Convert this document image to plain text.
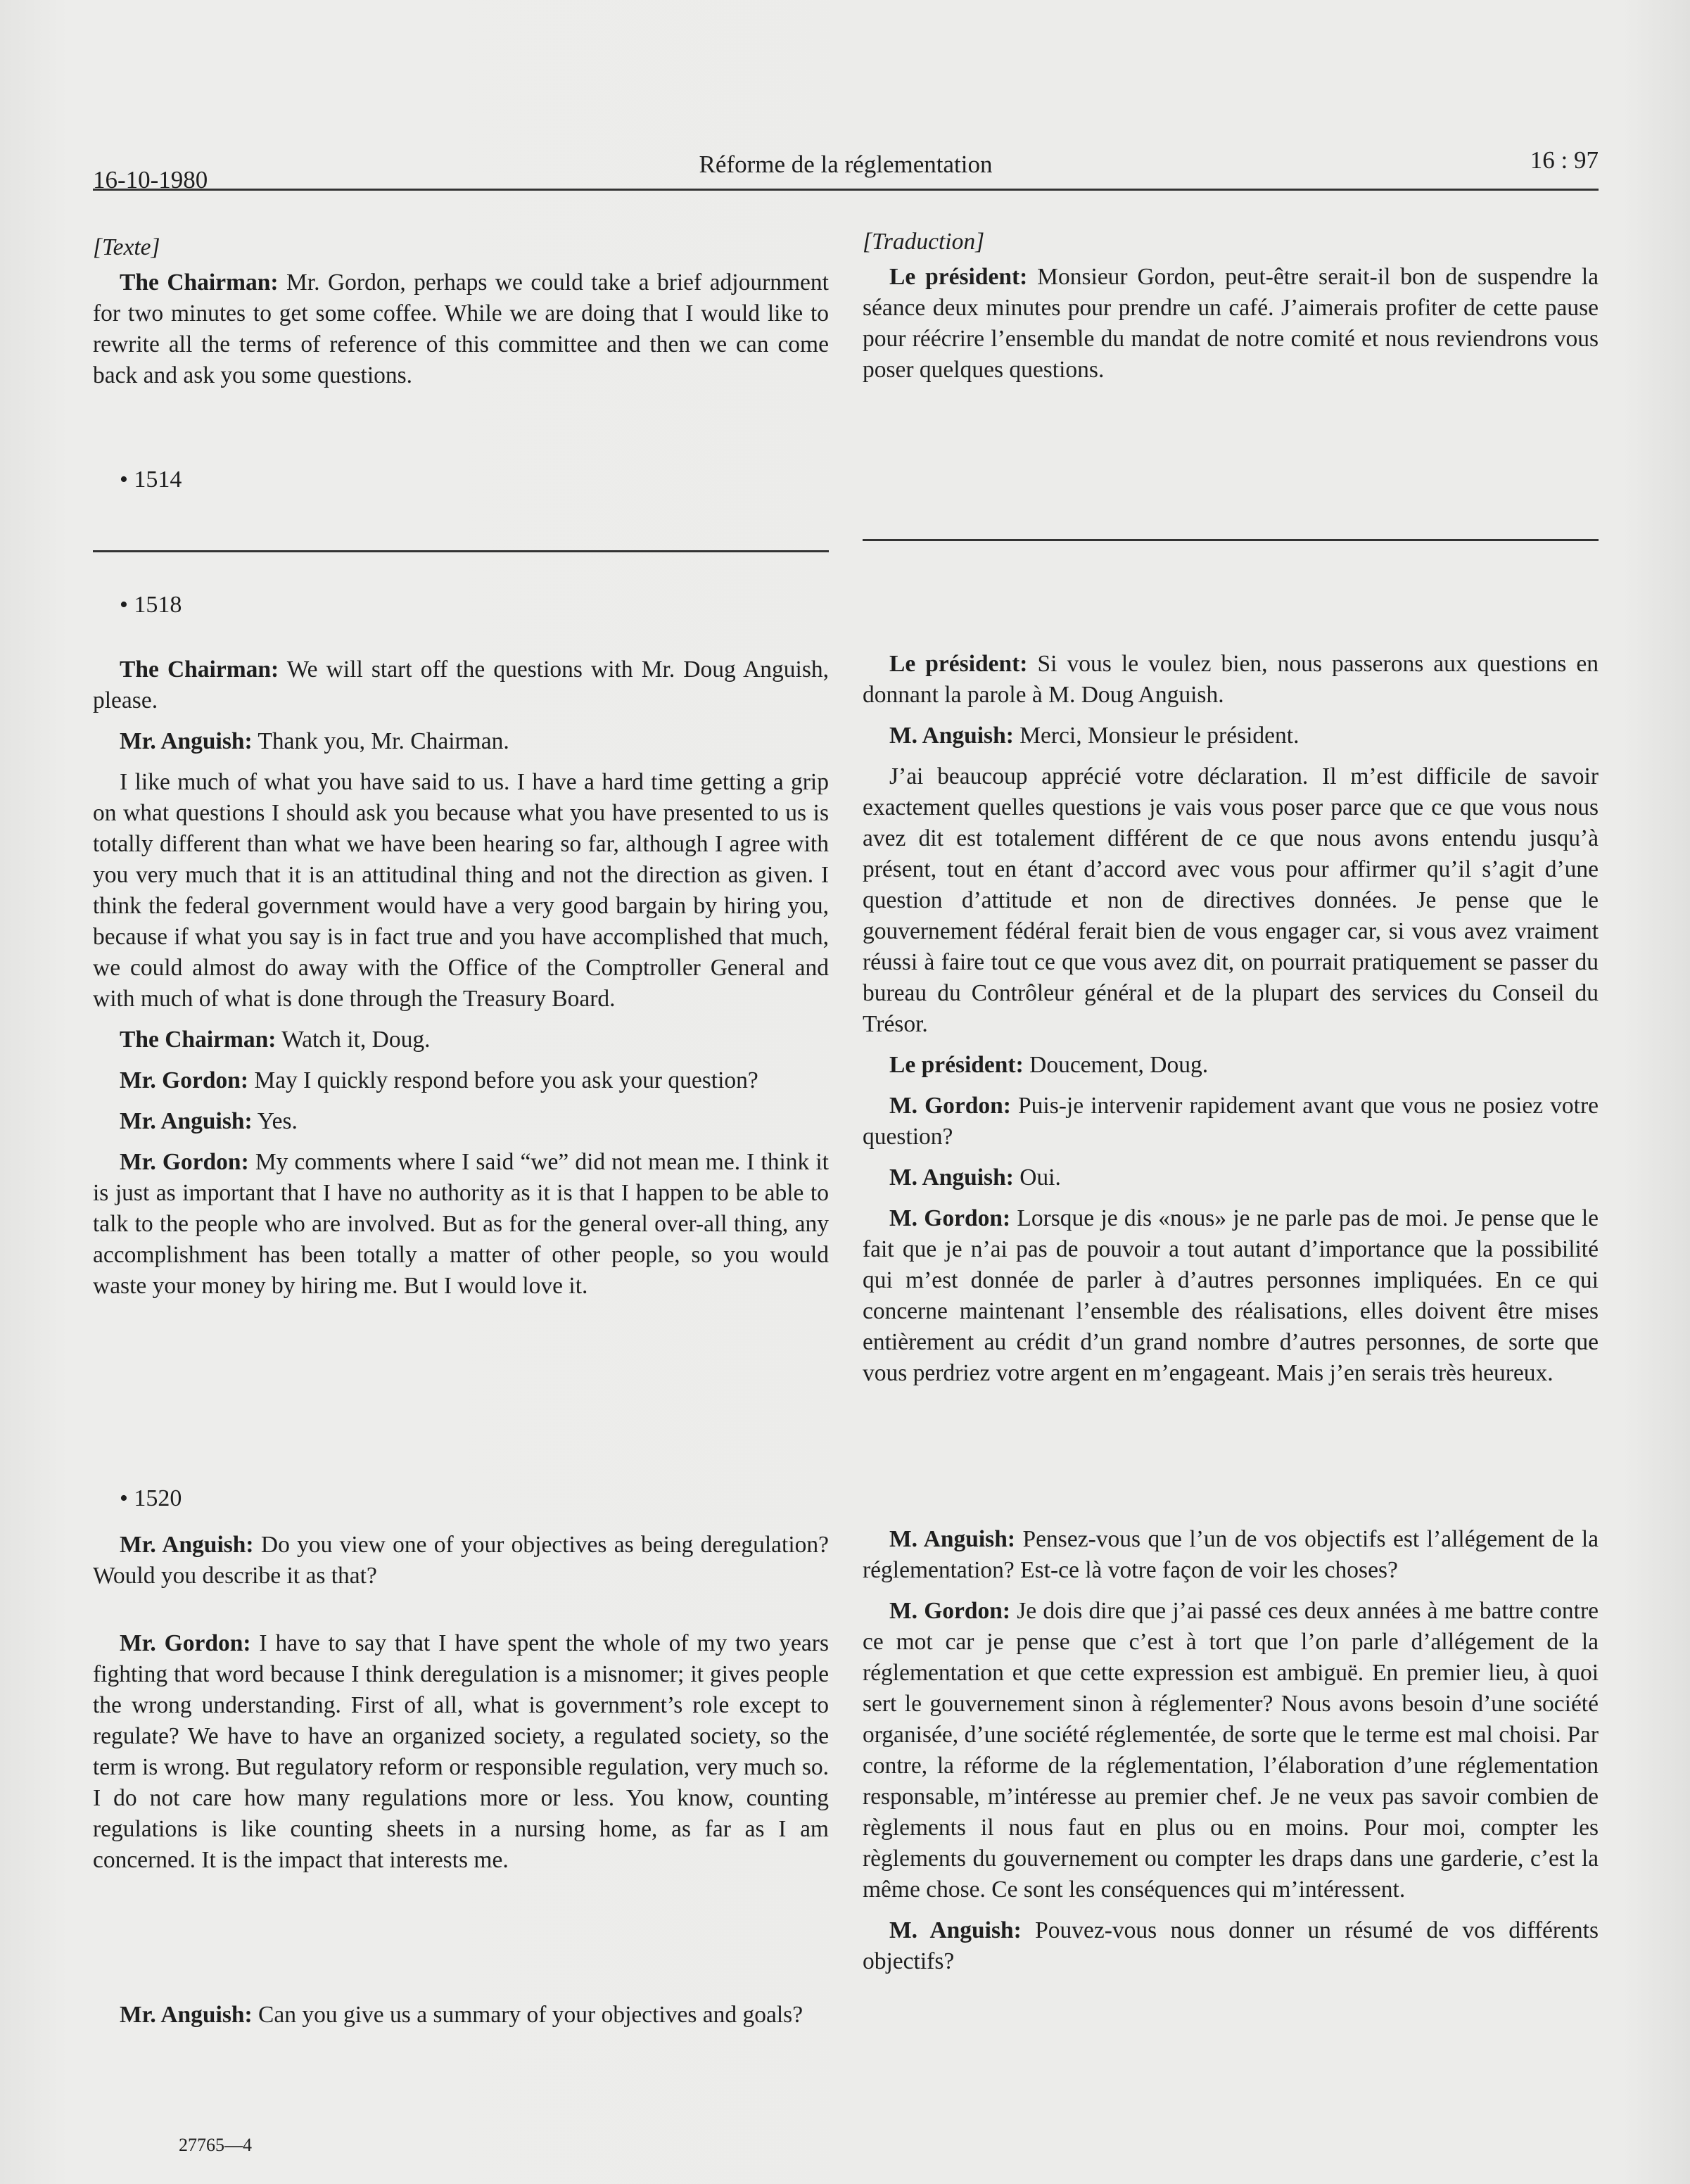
16-10-1980
Réforme de la réglementation	16 : 97

[Texte]

The Chairman: Mr. Gordon, perhaps we could take a brief adjournment for two minutes to get some coffee. While we are doing that I would like to rewrite all the terms of reference of this committee and then we can come back and ask you some questions.

• 1514

• 1518

The Chairman: We will start off the questions with Mr. Doug Anguish, please.

Mr. Anguish: Thank you, Mr. Chairman.

I like much of what you have said to us. I have a hard time getting a grip on what questions I should ask you because what you have presented to us is totally different than what we have been hearing so far, although I agree with you very much that it is an attitudinal thing and not the direction as given. I think the federal government would have a very good bargain by hiring you, because if what you say is in fact true and you have accomplished that much, we could almost do away with the Office of the Comptroller General and with much of what is done through the Treasury Board.

The Chairman: Watch it, Doug.

Mr. Gordon: May I quickly respond before you ask your question?

Mr. Anguish: Yes.

Mr. Gordon: My comments where I said “we” did not mean me. I think it is just as important that I have no authority as it is that I happen to be able to talk to the people who are involved. But as for the general over-all thing, any accomplishment has been totally a matter of other people, so you would waste your money by hiring me. But I would love it.

• 1520

Mr. Anguish: Do you view one of your objectives as being deregulation? Would you describe it as that?

Mr. Gordon: I have to say that I have spent the whole of my two years fighting that word because I think deregulation is a misnomer; it gives people the wrong understanding. First of all, what is government’s role except to regulate? We have to have an organized society, a regulated society, so the term is wrong. But regulatory reform or responsible regulation, very much so. I do not care how many regulations more or less. You know, counting regulations is like counting sheets in a nursing home, as far as I am concerned. It is the impact that interests me.

Mr. Anguish: Can you give us a summary of your objectives and goals?

[Traduction]

Le président: Monsieur Gordon, peut-être serait-il bon de suspendre la séance deux minutes pour prendre un café. J’aimerais profiter de cette pause pour réécrire l’ensemble du mandat de notre comité et nous reviendrons vous poser quelques questions.

Le président: Si vous le voulez bien, nous passerons aux questions en donnant la parole à M. Doug Anguish.

M. Anguish: Merci, Monsieur le président.

J’ai beaucoup apprécié votre déclaration. Il m’est difficile de savoir exactement quelles questions je vais vous poser parce que ce que vous nous avez dit est totalement différent de ce que nous avons entendu jusqu’à présent, tout en étant d’accord avec vous pour affirmer qu’il s’agit d’une question d’attitude et non de directives données. Je pense que le gouvernement fédéral ferait bien de vous engager car, si vous avez vraiment réussi à faire tout ce que vous avez dit, on pourrait pratiquement se passer du bureau du Contrôleur général et de la plupart des services du Conseil du Trésor.

Le président: Doucement, Doug.

M. Gordon: Puis-je intervenir rapidement avant que vous ne posiez votre question?

M. Anguish: Oui.

M. Gordon: Lorsque je dis «nous» je ne parle pas de moi. Je pense que le fait que je n’ai pas de pouvoir a tout autant d’importance que la possibilité qui m’est donnée de parler à d’autres personnes impliquées. En ce qui concerne maintenant l’ensemble des réalisations, elles doivent être mises entièrement au crédit d’un grand nombre d’autres personnes, de sorte que vous perdriez votre argent en m’engageant. Mais j’en serais très heureux.

M. Anguish: Pensez-vous que l’un de vos objectifs est l’allégement de la réglementation? Est-ce là votre façon de voir les choses?

M. Gordon: Je dois dire que j’ai passé ces deux années à me battre contre ce mot car je pense que c’est à tort que l’on parle d’allégement de la réglementation et que cette expression est ambiguë. En premier lieu, à quoi sert le gouvernement sinon à réglementer? Nous avons besoin d’une société organisée, d’une société réglementée, de sorte que le terme est mal choisi. Par contre, la réforme de la réglementation, l’élaboration d’une réglementation responsable, m’intéresse au premier chef. Je ne veux pas savoir combien de règlements il nous faut en plus ou en moins. Pour moi, compter les règlements du gouvernement ou compter les draps dans une garderie, c’est la même chose. Ce sont les conséquences qui m’intéressent.

M. Anguish: Pouvez-vous nous donner un résumé de vos différents objectifs?

27765—4
